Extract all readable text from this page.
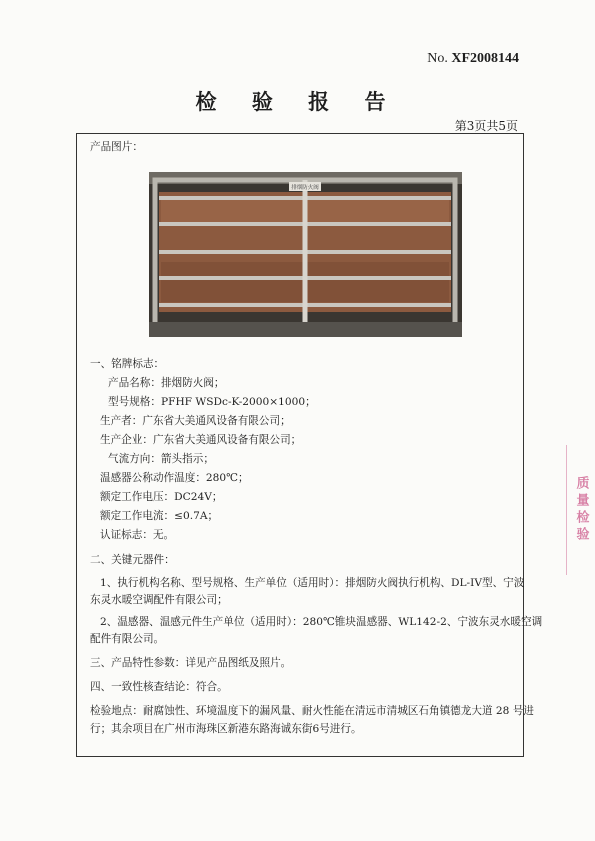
No. XF2008144
检 验 报 告
第3页共5页
产品图片：
排烟防火阀
一、铭牌标志：
产品名称：排烟防火阀；
型号规格：PFHF WSDc-K-2000×1000；
生产者：广东省大美通风设备有限公司；
生产企业：广东省大美通风设备有限公司；
气流方向：箭头指示；
温感器公称动作温度：280℃；
额定工作电压：DC24V；
额定工作电流：≤0.7A；
认证标志：无。
二、关键元器件：
1、执行机构名称、型号规格、生产单位（适用时）：排烟防火阀执行机构、DL-IV型、宁波
东灵水暖空调配件有限公司；
2、温感器、温感元件生产单位（适用时）：280℃锥块温感器、WL142-2、宁波东灵水暖空调
配件有限公司。
三、产品特性参数：详见产品图纸及照片。
四、一致性核查结论：符合。
检验地点：耐腐蚀性、环境温度下的漏风量、耐火性能在清远市清城区石角镇德龙大道 28 号进
行；其余项目在广州市海珠区新港东路海诚东街6号进行。
质量检验
